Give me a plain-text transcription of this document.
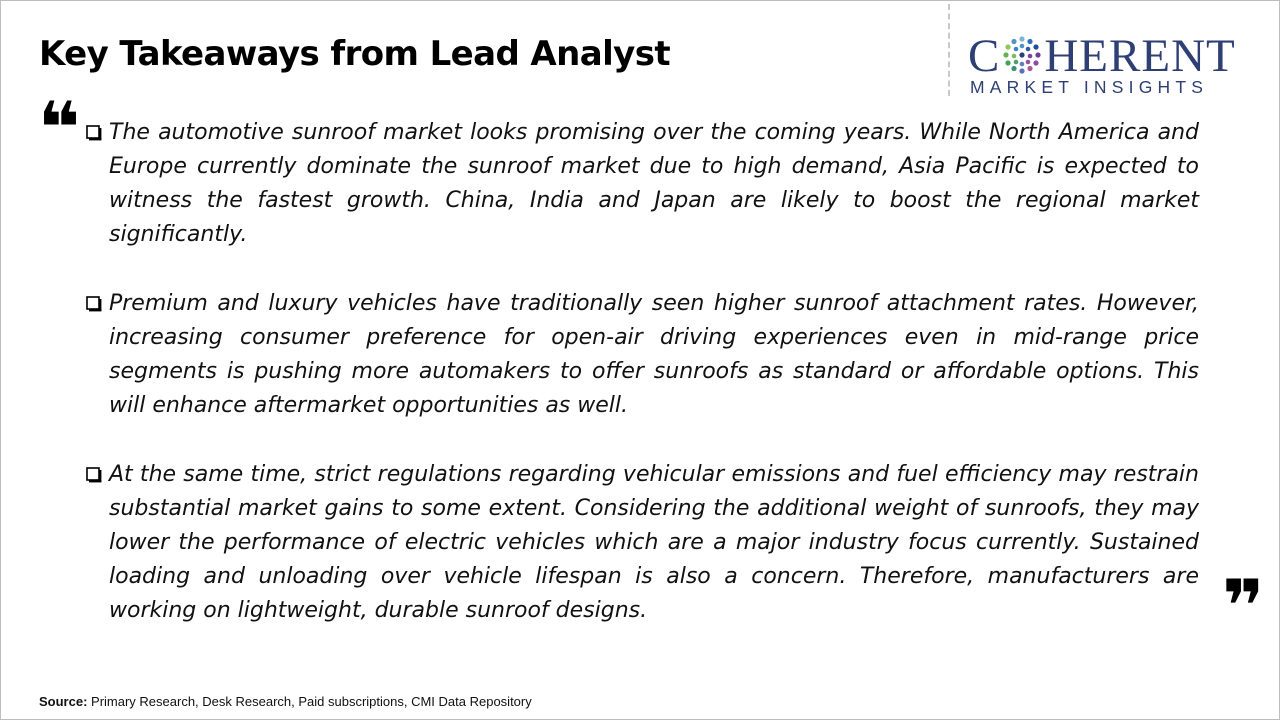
Key Takeaways from Lead Analyst	C HERENT
MARKET INSIGHTS
❝	The automotive sunroof market looks promising over the coming years. While North America and Europe currently dominate the sunroof market due to high demand, Asia Pacific is expected to witness the fastest growth. China, India and Japan are likely to boost the regional market significantly.
Premium and luxury vehicles have traditionally seen higher sunroof attachment rates. However, increasing consumer preference for open-air driving experiences even in mid-range price segments is pushing more automakers to offer sunroofs as standard or affordable options. This will enhance aftermarket opportunities as well.
At the same time, strict regulations regarding vehicular emissions and fuel efficiency may restrain substantial market gains to some extent. Considering the additional weight of sunroofs, they may lower the performance of electric vehicles which are a major industry focus currently. Sustained loading and unloading over vehicle lifespan is also a concern. Therefore, manufacturers are working on lightweight, durable sunroof designs.	❞
Source: Primary Research, Desk Research, Paid subscriptions, CMI Data Repository
